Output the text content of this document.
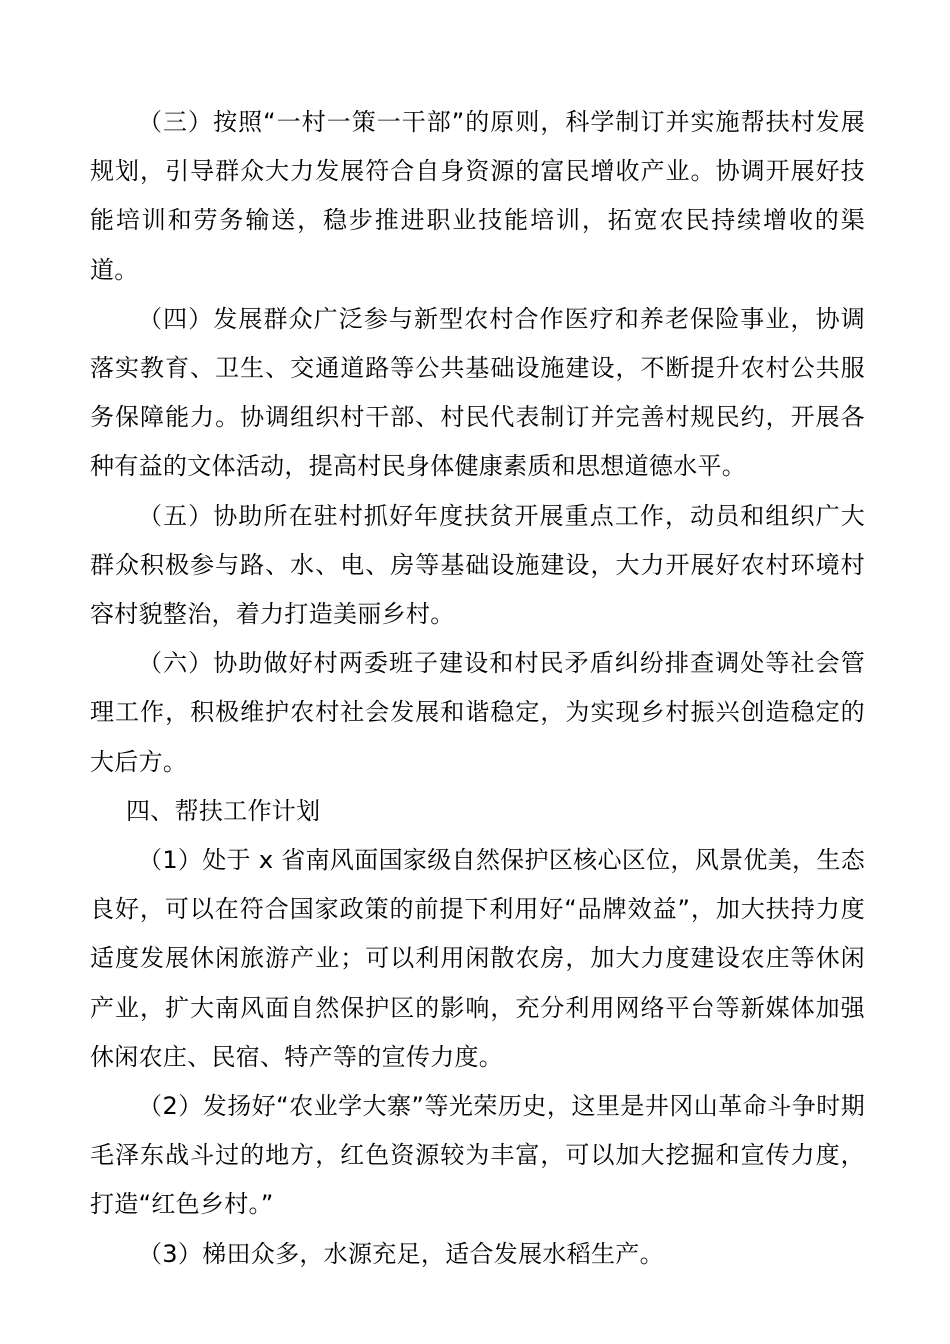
（三）按照“一村一策一干部”的原则，科学制订并实施帮扶村发展规划，引导群众大力发展符合自身资源的富民增收产业。协调开展好技能培训和劳务输送，稳步推进职业技能培训，拓宽农民持续增收的渠道。

（四）发展群众广泛参与新型农村合作医疗和养老保险事业，协调落实教育、卫生、交通道路等公共基础设施建设，不断提升农村公共服务保障能力。协调组织村干部、村民代表制订并完善村规民约，开展各种有益的文体活动，提高村民身体健康素质和思想道德水平。

（五）协助所在驻村抓好年度扶贫开展重点工作，动员和组织广大群众积极参与路、水、电、房等基础设施建设，大力开展好农村环境村容村貌整治，着力打造美丽乡村。

（六）协助做好村两委班子建设和村民矛盾纠纷排查调处等社会管理工作，积极维护农村社会发展和谐稳定，为实现乡村振兴创造稳定的大后方。

四、帮扶工作计划

（1）处于 x 省南风面国家级自然保护区核心区位，风景优美，生态良好，可以在符合国家政策的前提下利用好“品牌效益”，加大扶持力度适度发展休闲旅游产业；可以利用闲散农房，加大力度建设农庄等休闲产业，扩大南风面自然保护区的影响，充分利用网络平台等新媒体加强休闲农庄、民宿、特产等的宣传力度。

（2）发扬好“农业学大寨”等光荣历史，这里是井冈山革命斗争时期毛泽东战斗过的地方，红色资源较为丰富，可以加大挖掘和宣传力度，打造“红色乡村。”

（3）梯田众多，水源充足，适合发展水稻生产。
